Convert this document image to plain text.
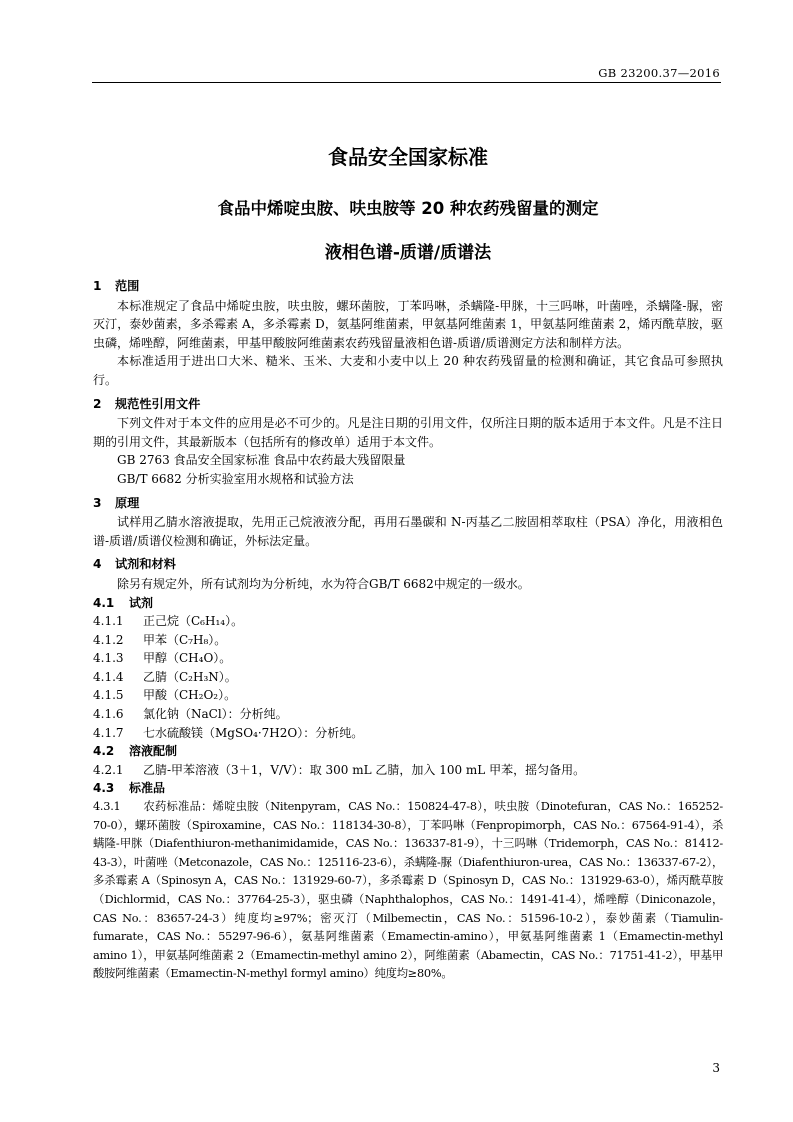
GB 23200.37—2016
食品安全国家标准
食品中烯啶虫胺、呋虫胺等 20 种农药残留量的测定
液相色谱-质谱/质谱法
1 范围

本标准规定了食品中烯啶虫胺，呋虫胺，螺环菌胺，丁苯吗啉，杀螨隆-甲脒，十三吗啉，叶菌唑，杀螨隆-脲，密灭汀，泰妙菌素，多杀霉素 A，多杀霉素 D，氨基阿维菌素，甲氨基阿维菌素 1，甲氨基阿维菌素 2，烯丙酰草胺，驱虫磷，烯唑醇，阿维菌素，甲基甲酸胺阿维菌素农药残留量液相色谱-质谱/质谱测定方法和制样方法。

本标准适用于进出口大米、糙米、玉米、大麦和小麦中以上 20 种农药残留量的检测和确证，其它食品可参照执行。

2 规范性引用文件

下列文件对于本文件的应用是必不可少的。凡是注日期的引用文件，仅所注日期的版本适用于本文件。凡是不注日期的引用文件，其最新版本（包括所有的修改单）适用于本文件。

GB 2763 食品安全国家标准 食品中农药最大残留限量

GB/T 6682 分析实验室用水规格和试验方法

3 原理

试样用乙腈水溶液提取，先用正己烷液液分配，再用石墨碳和 N-丙基乙二胺固相萃取柱（PSA）净化，用液相色谱-质谱/质谱仪检测和确证，外标法定量。

4 试剂和材料

除另有规定外，所有试剂均为分析纯，水为符合GB/T 6682中规定的一级水。

4.1 试剂

4.1.1 正己烷（C₆H₁₄）。

4.1.2 甲苯（C₇H₈）。

4.1.3 甲醇（CH₄O）。

4.1.4 乙腈（C₂H₃N）。

4.1.5 甲酸（CH₂O₂）。

4.1.6 氯化钠（NaCl）：分析纯。

4.1.7 七水硫酸镁（MgSO₄·7H2O）：分析纯。

4.2 溶液配制

4.2.1 乙腈-甲苯溶液（3＋1，V/V）：取 300 mL 乙腈，加入 100 mL 甲苯，摇匀备用。

4.3 标准品

4.3.1 农药标准品：烯啶虫胺（Nitenpyram，CAS No.：150824-47-8），呋虫胺（Dinotefuran，CAS No.：165252-70-0），螺环菌胺（Spiroxamine，CAS No.：118134-30-8），丁苯吗啉（Fenpropimorph，CAS No.：67564-91-4），杀螨隆-甲脒（Diafenthiuron-methanimidamide，CAS No.：136337-81-9），十三吗啉（Tridemorph，CAS No.：81412-43-3），叶菌唑（Metconazole，CAS No.：125116-23-6），杀螨隆-脲（Diafenthiuron-urea，CAS No.：136337-67-2），多杀霉素 A（Spinosyn A，CAS No.：131929-60-7），多杀霉素 D（Spinosyn D，CAS No.：131929-63-0），烯丙酰草胺（Dichlormid，CAS No.：37764-25-3），驱虫磷（Naphthalophos，CAS No.：1491-41-4），烯唑醇（Diniconazole，CAS No.：83657-24-3）纯度均≥97%；密灭汀（Milbemectin，CAS No.：51596-10-2），泰妙菌素（Tiamulin-fumarate，CAS No.：55297-96-6），氨基阿维菌素（Emamectin-amino），甲氨基阿维菌素 1（Emamectin-methyl amino 1），甲氨基阿维菌素 2（Emamectin-methyl amino 2），阿维菌素（Abamectin，CAS No.：71751-41-2），甲基甲酸胺阿维菌素（Emamectin-N-methyl formyl amino）纯度均≥80%。

3
